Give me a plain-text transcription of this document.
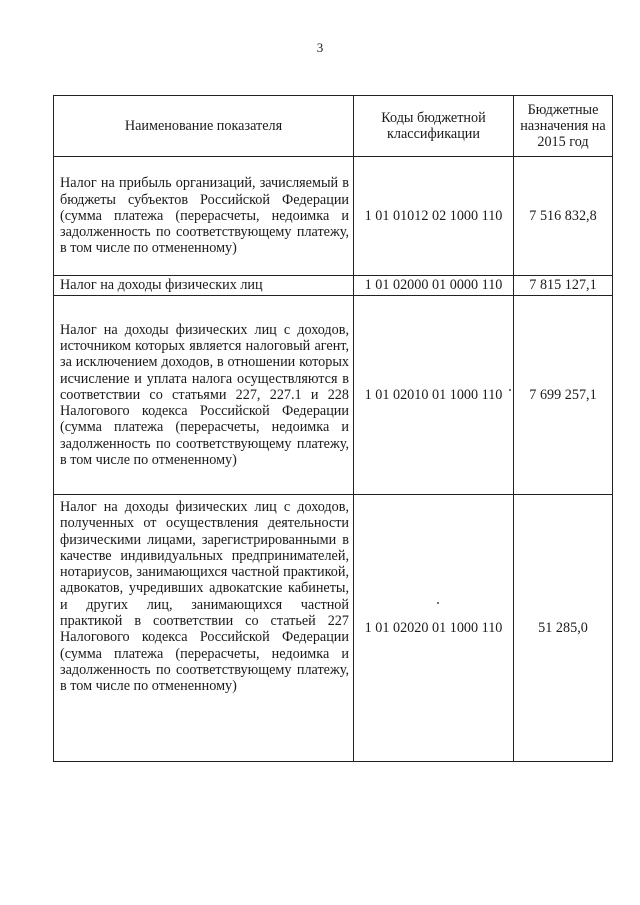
3
Наименование показателя	Коды бюджетной классификации	Бюджетные назначения на 2015 год
Налог на прибыль организаций, зачисляемый в бюджеты субъектов Российской Федерации (сумма платежа (перерасчеты, недоимка и задолженность по соответствующему платежу, в том числе по отмененному)	1 01 01012 02 1000 110	7 516 832,8
Налог на доходы физических лиц	1 01 02000 01 0000 110	7 815 127,1
Налог на доходы физических лиц с доходов, источником которых является налоговый агент, за исключением доходов, в отношении которых исчисление и уплата налога осуществляются в соответствии со статьями 227, 227.1 и 228 Налогового кодекса Российской Федерации (сумма платежа (перерасчеты, недоимка и задолженность по соответствующему платежу, в том числе по отмененному)	1 01 02010 01 1000 110	7 699 257,1
Налог на доходы физических лиц с доходов, полученных от осуществления деятельности физическими лицами, зарегистрированными в качестве индивидуальных предпринимателей, нотариусов, занимающихся частной практикой, адвокатов, учредивших адвокатские кабинеты, и других лиц, занимающихся частной практикой в соответствии со статьей 227 Налогового кодекса Российской Федерации (сумма платежа (перерасчеты, недоимка и задолженность по соответствующему платежу, в том числе по отмененному)	1 01 02020 01 1000 110	51 285,0
